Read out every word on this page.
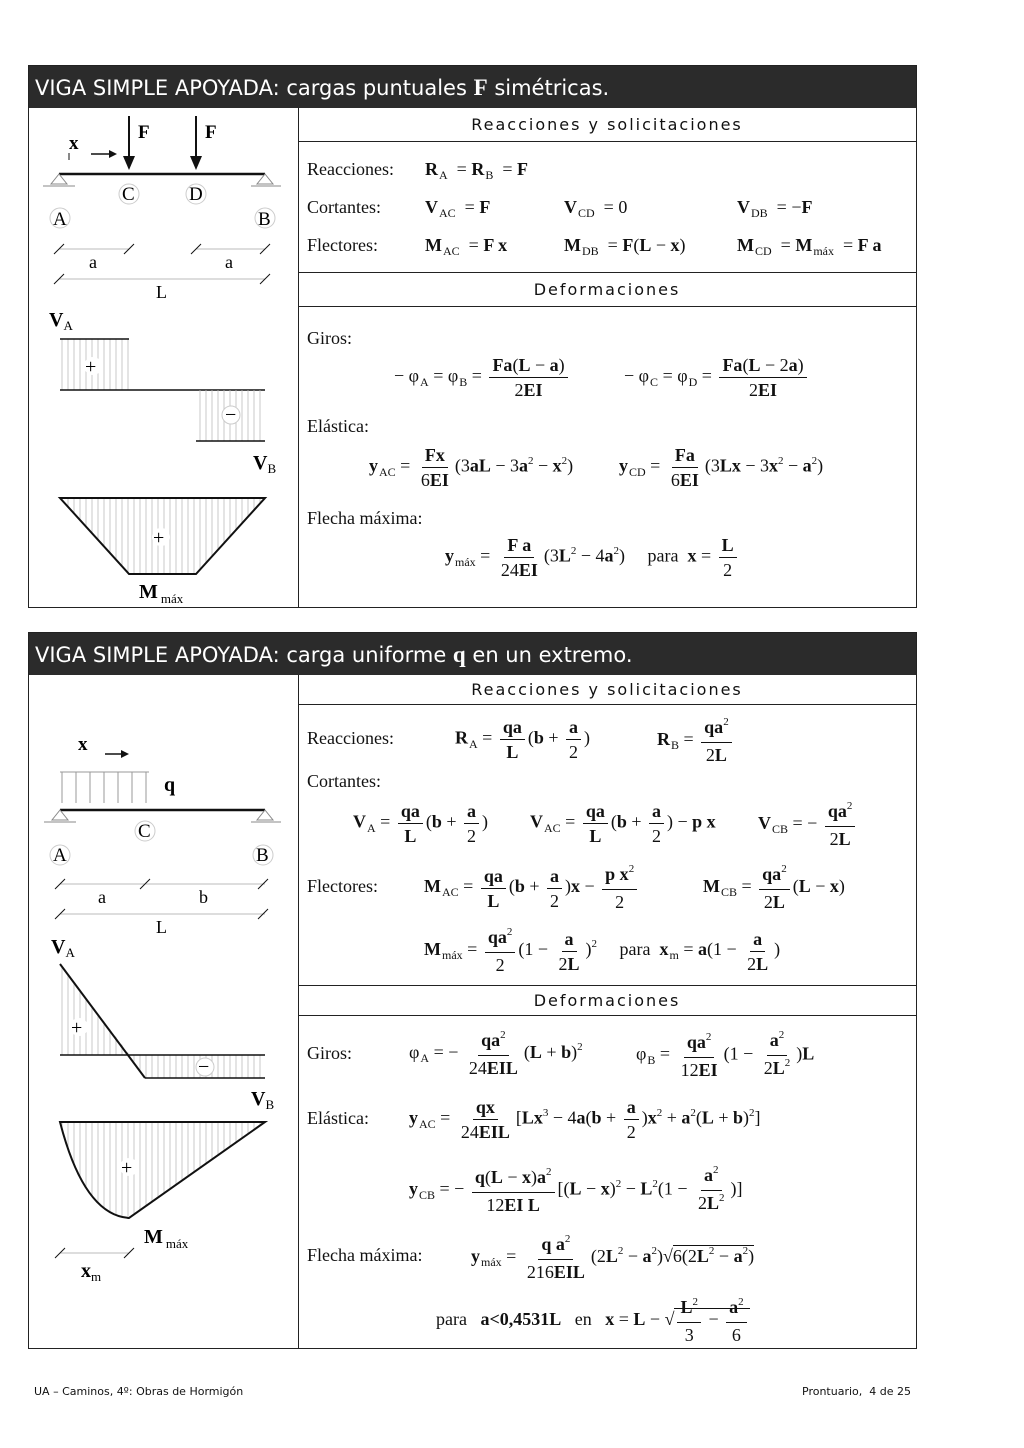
VIGA SIMPLE APOYADA: cargas puntuales F simétricas.
x
F	F
C	D
A	B
a	a
L
$V_A$
+
−
$V_B$
+
M $_{máx}$
Reacciones y solicitaciones
Reacciones: $R_A = R_B = F$
Cortantes: $V_{AC} = F$	$V_{CD} = 0$	$V_{DB} = -F$
Flectores:	$M_{AC} = F$ x	$M_{DB} = F(L - x)$	$M_{CD} = M_{máx} = F$ a
Deformaciones
Giros:
− $\varphi_A = \varphi_B = \frac{Fa(L - a)}{2EI}$	− $\varphi_C = \varphi_D = \frac{Fa(L - 2a)}{2EI}$
Elástica:
$y_{AC} = \frac{Fx}{6EI} (3aL - 3a^2 - x^2)$	$y_{CD} = \frac{Fa}{6EI} (3Lx - 3x^2 - a^2)$
Flecha máxima:
$y_{máx} = \frac{\text{F a}}{24EI} (3L^2 - 4a^2)$     para $x = \frac{L}{2}$
VIGA SIMPLE APOYADA: carga uniforme q en un extremo.
x
q
C
A	B
a	b
L
$V_A$
+
−
$V_B$
+
M $_{máx}$
$x_m$
Reacciones y solicitaciones
Reacciones:	$R_A = \frac{qa}{L} (b + \frac{a}{2}$ )	$R_B = \frac{qa^2}{2L}$
Cortantes:
$V_A = \frac{qa}{L} (b + \frac{a}{2}$ ) $V_{AC} = \frac{qa}{L} (b + \frac{a}{2}$ ) − p x $V_{CB}$ = − $\frac{qa^2}{2L}$
Flectores:	$M_{AC} = \frac{qa}{L} (b + \frac{a}{2} )x - \frac{p x^2}{2}$	$M_{CB} = \frac{qa^2}{2L} (L - x)$
$M_{máx} = \frac{qa^2}{2} (1 - \frac{a}{2L} )^2$ para $x_m = a(1 - \frac{a}{2L}$ )
Deformaciones
Giros:	$\varphi_A$ = − $\frac{qa^2}{\text{24EIL}} (L + b)^2$	$\varphi_B = \frac{qa^2}{12EI} (1 - \frac{a^2}{2L^2} )L$
Elástica: $y_{AC} = \frac{qx}{\text{24EIL}} [Lx^3 - 4a(b + \frac{a}{2} )x^2 + a^2(L + b)^2]$
$y_{CB}$ = − $\frac{q(L - x)a^2}{\text{12EI L}} [(L - x)^2 - L^2(1 - \frac{a^2}{2L^2}$ )]
Flecha máxima:	$y_{máx} = \frac{q a^2}{\text{216EIL}} (2L^2 - a^2)√6(2L^2 - a^2)$
para a<0,4531L en x = L − √ $\frac{L^2}{3} - \frac{a^2}{6}$
UA – Caminos, 4º: Obras de Hormigón	Prontuario,  4 de 25
